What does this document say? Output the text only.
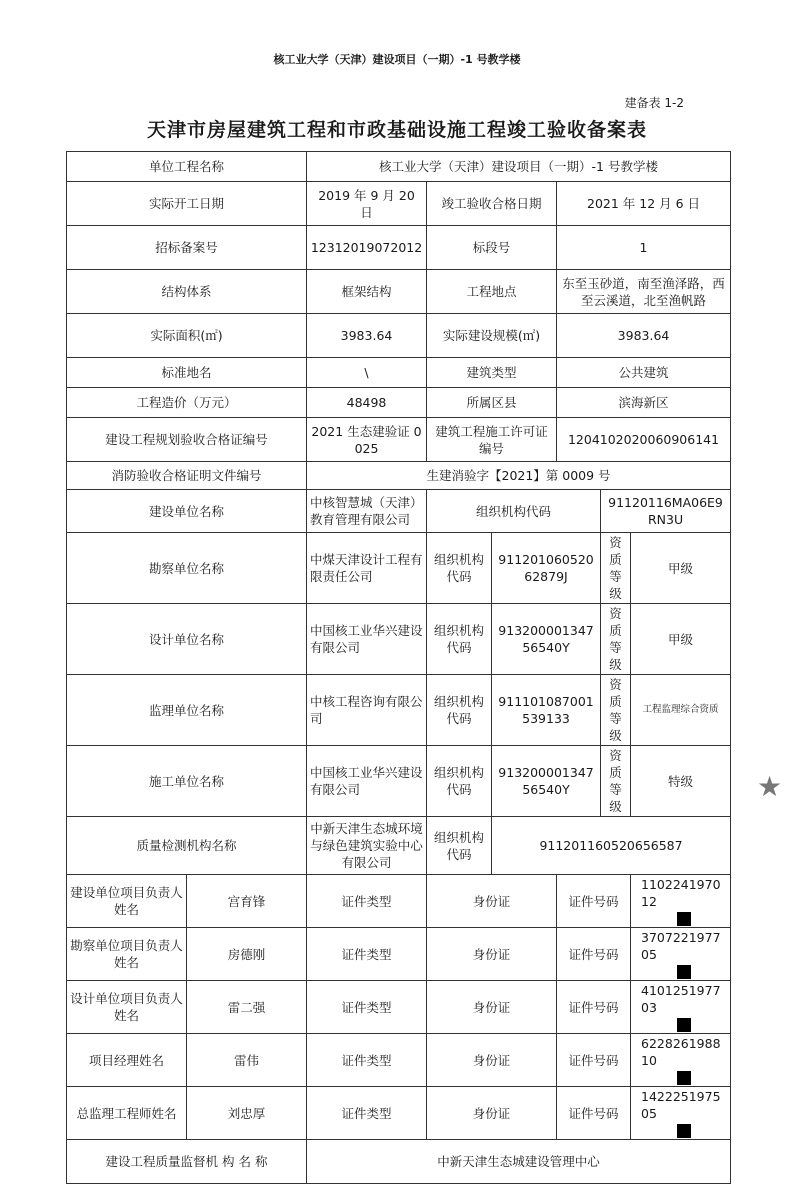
核工业大学（天津）建设项目（一期）-1 号教学楼
建备表 1-2
天津市房屋建筑工程和市政基础设施工程竣工验收备案表
单位工程名称		核工业大学（天津）建设项目（一期）-1 号教学楼					
实际开工日期		2019 年 9 月 20 日	竣工验收合格日期		2021 年 12 月 6 日		
招标备案号		12312019072012	标段号		1		
结构体系		框架结构	工程地点		东至玉砂道，南至渔泽路，西至云溪道，北至渔帆路		
实际面积(㎡)		3983.64	实际建设规模(㎡)		3983.64		
标准地名		\	建筑类型		公共建筑		
工程造价（万元）		48498	所属区县		滨海新区		
建设工程规划验收合格证编号		2021 生态建验证 0025	建筑工程施工许可证编号		1204102020060906141		
消防验收合格证明文件编号		生建消验字【2021】第 0009 号					
建设单位名称		中核智慧城（天津）教育管理有限公司	组织机构代码			91120116MA06E9RN3U	
勘察单位名称		中煤天津设计工程有限责任公司	组织机构代码	91120106052062879J		资质等级	甲级
设计单位名称		中国核工业华兴建设有限公司	组织机构代码	91320000134756540Y		资质等级	甲级
监理单位名称		中核工程咨询有限公司	组织机构代码	911101087001539133		资质等级	工程监理综合资质
施工单位名称		中国核工业华兴建设有限公司	组织机构代码	91320000134756540Y		资质等级	特级
质量检测机构名称		中新天津生态城环境与绿色建筑实验中心有限公司	组织机构代码	911201160520656587			
建设单位项目负责人姓名	宫育锋	证件类型	身份证		证件号码		110224197012

勘察单位项目负责人姓名	房德刚	证件类型	身份证		证件号码		370722197705

设计单位项目负责人姓名	雷二强	证件类型	身份证		证件号码		410125197703

项目经理姓名	雷伟	证件类型	身份证		证件号码		622826198810

总监理工程师姓名	刘忠厚	证件类型	身份证		证件号码		142225197505

建设工程质量监督机 构 名 称		中新天津生态城建设管理中心					
★
